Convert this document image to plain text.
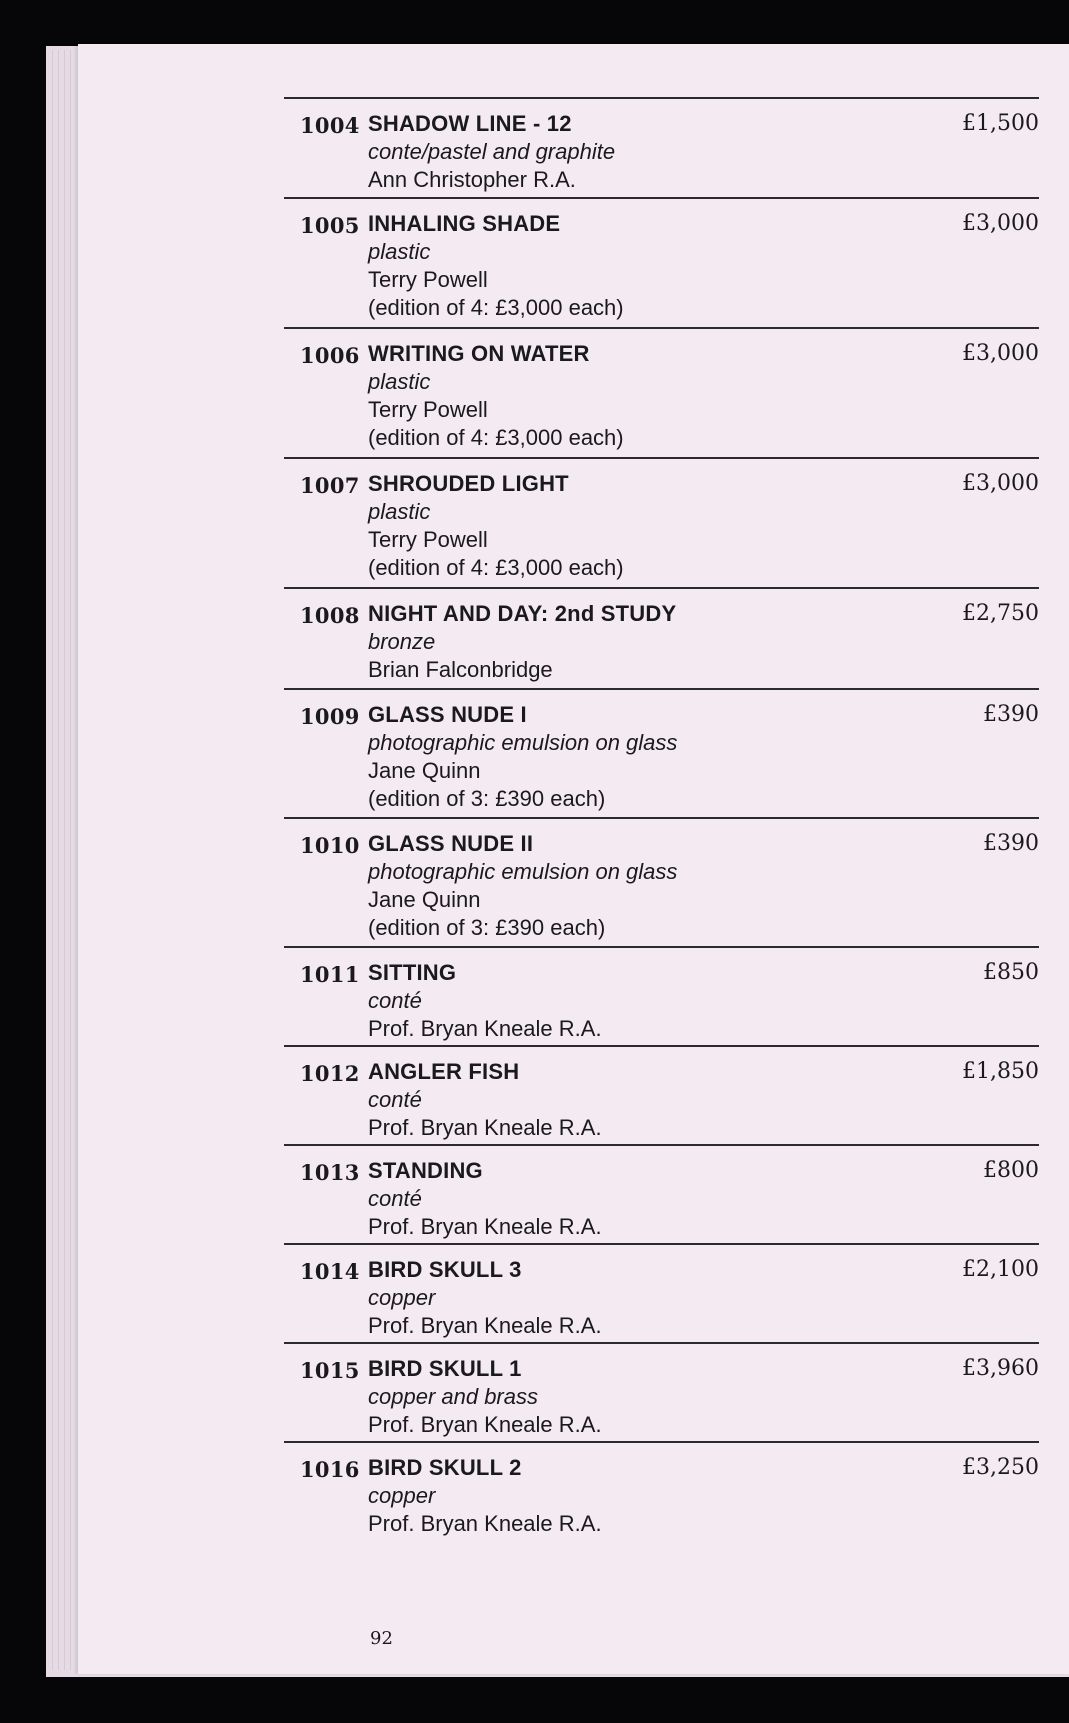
1004 SHADOW LINE - 12
conte/pastel and graphite
Ann Christopher R.A.
£1,500
1005 INHALING SHADE
plastic
Terry Powell
(edition of 4: £3,000 each)
£3,000
1006 WRITING ON WATER
plastic
Terry Powell
(edition of 4: £3,000 each)
£3,000
1007 SHROUDED LIGHT
plastic
Terry Powell
(edition of 4: £3,000 each)
£3,000
1008 NIGHT AND DAY: 2nd STUDY
bronze
Brian Falconbridge
£2,750
1009 GLASS NUDE I
photographic emulsion on glass
Jane Quinn
(edition of 3: £390 each)
£390
1010 GLASS NUDE II
photographic emulsion on glass
Jane Quinn
(edition of 3: £390 each)
£390
1011 SITTING
conté
Prof. Bryan Kneale R.A.
£850
1012 ANGLER FISH
conté
Prof. Bryan Kneale R.A.
£1,850
1013 STANDING
conté
Prof. Bryan Kneale R.A.
£800
1014 BIRD SKULL 3
copper
Prof. Bryan Kneale R.A.
£2,100
1015 BIRD SKULL 1
copper and brass
Prof. Bryan Kneale R.A.
£3,960
1016 BIRD SKULL 2
copper
Prof. Bryan Kneale R.A.
£3,250
92
